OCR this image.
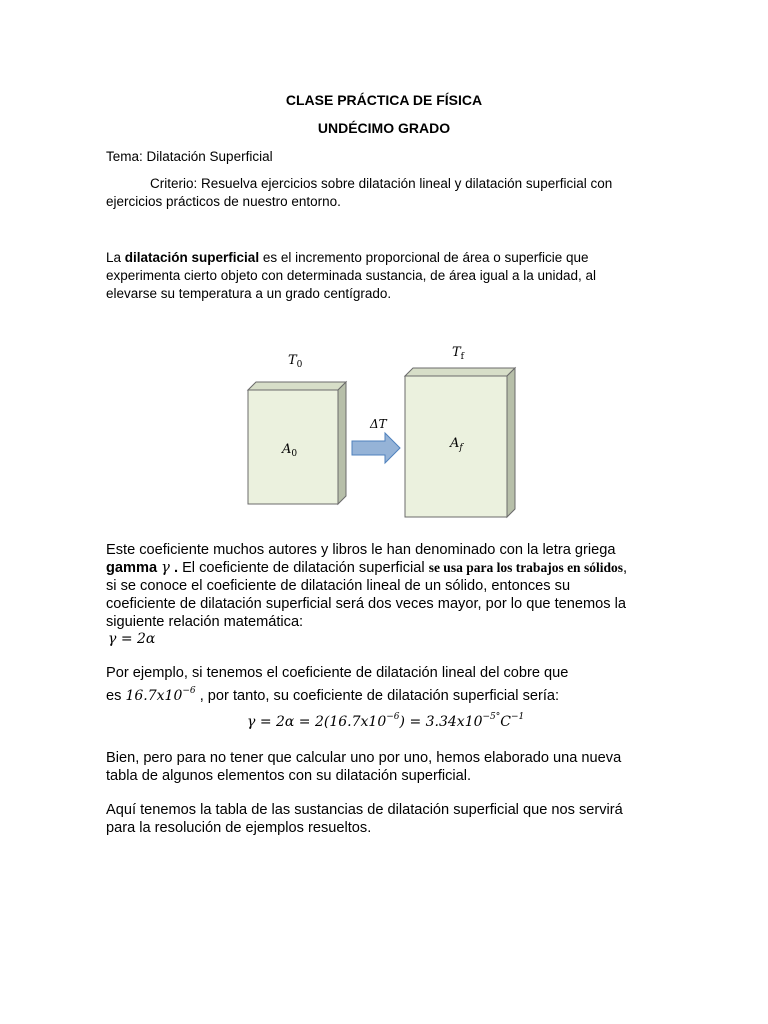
CLASE PRÁCTICA DE FÍSICA
UNDÉCIMO GRADO
Tema: Dilatación Superficial
Criterio: Resuelva ejercicios sobre dilatación lineal y dilatación superficial con
ejercicios prácticos de nuestro entorno.
La dilatación superficial es el incremento proporcional de área o superficie que
experimenta cierto objeto con determinada sustancia, de área igual a la unidad, al
elevarse su temperatura a un grado centígrado.
$T_0$
$T_f$
ΔT
$A_0$
$A_f$
Este coeficiente muchos autores y libros le han denominado con la letra griega
gamma γ . El coeficiente de dilatación superficial se usa para los trabajos en sólidos,
si se conoce el coeficiente de dilatación lineal de un sólido, entonces su
coeficiente de dilatación superficial será dos veces mayor, por lo que tenemos la
siguiente relación matemática:
γ = 2α
Por ejemplo, si tenemos el coeficiente de dilatación lineal del cobre que
es $16.7x10^{-6}$ , por tanto, su coeficiente de dilatación superficial sería:
$\gamma = 2\alpha = 2(16.7x10^{-6}) = 3.34x10^{-5^\circ}C^{-1}$
Bien, pero para no tener que calcular uno por uno, hemos elaborado una nueva
tabla de algunos elementos con su dilatación superficial.
Aquí tenemos la tabla de las sustancias de dilatación superficial que nos servirá
para la resolución de ejemplos resueltos.
